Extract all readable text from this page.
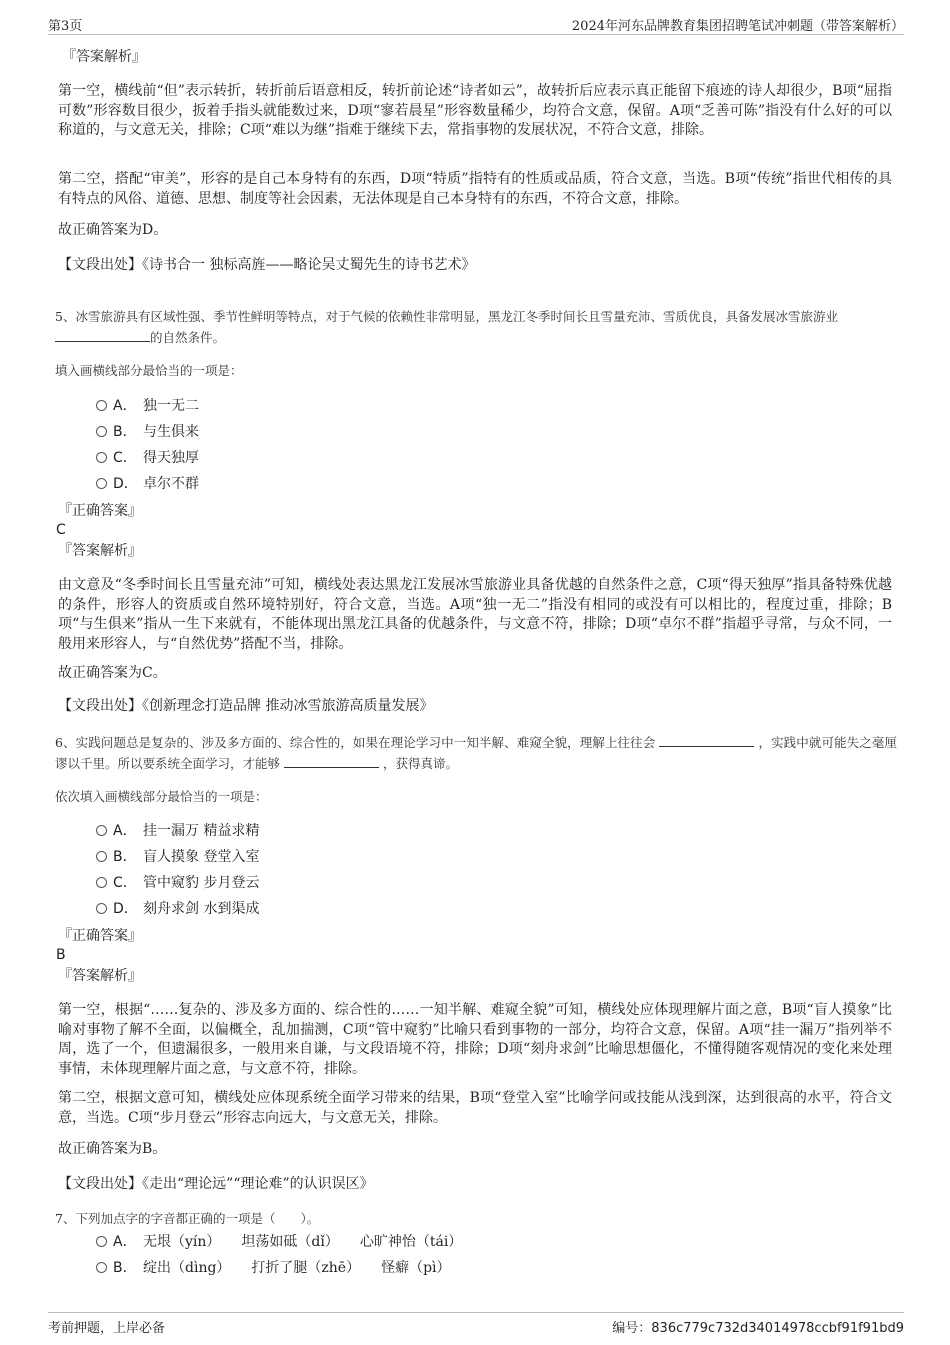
第3页	2024年河东品牌教育集团招聘笔试冲刺题（带答案解析）
『答案解析』
第一空，横线前“但”表示转折，转折前后语意相反，转折前论述“诗者如云”，故转折后应表示真正能留下痕迹的诗人却很少，B项“屈指可数”形容数目很少，扳着手指头就能数过来，D项“寥若晨星”形容数量稀少，均符合文意，保留。A项“乏善可陈”指没有什么好的可以称道的，与文意无关，排除；C项“难以为继”指难于继续下去，常指事物的发展状况，不符合文意，排除。
第二空，搭配“审美”，形容的是自己本身特有的东西，D项“特质”指特有的性质或品质，符合文意，当选。B项“传统”指世代相传的具有特点的风俗、道德、思想、制度等社会因素，无法体现是自己本身特有的东西，不符合文意，排除。
故正确答案为D。
【文段出处】《诗书合一 独标高旌——略论吴丈蜀先生的诗书艺术》
5、冰雪旅游具有区域性强、季节性鲜明等特点，对于气候的依赖性非常明显，黑龙江冬季时间长且雪量充沛、雪质优良，具备发展冰雪旅游业
的自然条件。
填入画横线部分最恰当的一项是：
A． 独一无二
B． 与生俱来
C． 得天独厚
D． 卓尔不群
『正确答案』
C
『答案解析』
由文意及“冬季时间长且雪量充沛”可知，横线处表达黑龙江发展冰雪旅游业具备优越的自然条件之意，C项“得天独厚”指具备特殊优越的条件，形容人的资质或自然环境特别好，符合文意，当选。A项“独一无二”指没有相同的或没有可以相比的，程度过重，排除；B项“与生俱来”指从一生下来就有，不能体现出黑龙江具备的优越条件，与文意不符，排除；D项“卓尔不群”指超乎寻常，与众不同，一般用来形容人，与“自然优势”搭配不当，排除。
故正确答案为C。
【文段出处】《创新理念打造品牌 推动冰雪旅游高质量发展》
6、实践问题总是复杂的、涉及多方面的、综合性的，如果在理论学习中一知半解、难窥全貌，理解上往往会	，实践中就可能失之毫厘谬以千里。所以要系统全面学习，才能够	，获得真谛。
依次填入画横线部分最恰当的一项是：
A． 挂一漏万 精益求精
B． 盲人摸象 登堂入室
C． 管中窥豹 步月登云
D． 刻舟求剑 水到渠成
『正确答案』
B
『答案解析』
第一空，根据“……复杂的、涉及多方面的、综合性的……一知半解、难窥全貌”可知，横线处应体现理解片面之意，B项“盲人摸象”比喻对事物了解不全面，以偏概全，乱加揣测，C项“管中窥豹”比喻只看到事物的一部分，均符合文意，保留。A项“挂一漏万”指列举不周，选了一个，但遗漏很多，一般用来自谦，与文段语境不符，排除；D项“刻舟求剑”比喻思想僵化，不懂得随客观情况的变化来处理事情，未体现理解片面之意，与文意不符，排除。
第二空，根据文意可知，横线处应体现系统全面学习带来的结果，B项“登堂入室”比喻学问或技能从浅到深，达到很高的水平，符合文意，当选。C项“步月登云”形容志向远大，与文意无关，排除。
故正确答案为B。
【文段出处】《走出“理论远”“理论难”的认识误区》
7、下列加点字的字音都正确的一项是（　　）。
A． 无垠（yín）　　坦荡如砥（dǐ）　　心旷神怡（tái）
B． 绽出（dìng）　　打折了腿（zhē）　　怪癖（pì）
考前押题，上岸必备	编号：836c779c732d34014978ccbf91f91bd9
